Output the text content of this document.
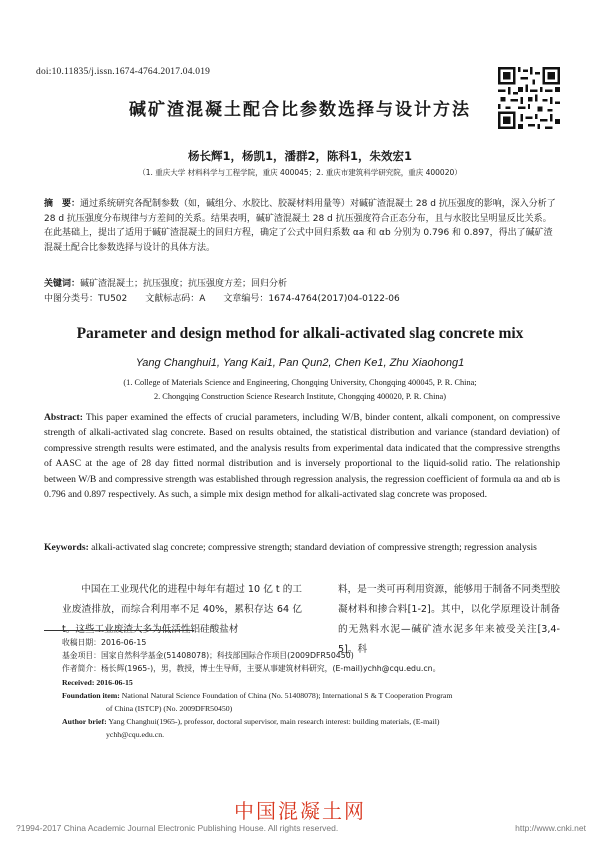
doi:10.11835/j.issn.1674-4764.2017.04.019
碱矿渣混凝土配合比参数选择与设计方法
杨长辉1，杨凯1，潘群2，陈科1，朱效宏1
（1. 重庆大学 材料科学与工程学院，重庆 400045；2. 重庆市建筑科学研究院，重庆 400020）
摘　要：通过系统研究各配制参数（如，碱组分、水胶比、胶凝材料用量等）对碱矿渣混凝土 28 d 抗压强度的影响，深入分析了 28 d 抗压强度分布规律与方差间的关系。结果表明，碱矿渣混凝土 28 d 抗压强度符合正态分布，且与水胶比呈明显反比关系。在此基础上，提出了适用于碱矿渣混凝土的回归方程，确定了公式中回归系数 αa 和 αb 分别为 0.796 和 0.897，得出了碱矿渣混凝土配合比参数选择与设计的具体方法。
关键词：碱矿渣混凝土；抗压强度；抗压强度方差；回归分析
中图分类号：TU502　　文献标志码：A　　文章编号：1674-4764(2017)04-0122-06
Parameter and design method for alkali-activated slag concrete mix
Yang Changhui1, Yang Kai1, Pan Qun2, Chen Ke1, Zhu Xiaohong1
(1. College of Materials Science and Engineering, Chongqing University, Chongqing 400045, P. R. China;
2. Chongqing Construction Science Research Institute, Chongqing 400020, P. R. China)
Abstract: This paper examined the effects of crucial parameters, including W/B, binder content, alkali component, on compressive strength of alkali-activated slag concrete. Based on results obtained, the statistical distribution and variance (standard deviation) of compressive strength results were estimated, and the analysis results from experimental data indicated that the compressive strengths of AASC at the age of 28 day fitted normal distribution and is inversely proportional to the liquid-solid ratio. The relationship between W/B and compressive strength was established through regression analysis, the regression coefficient of formula αa and αb is 0.796 and 0.897 respectively. As such, a simple mix design method for alkali-activated slag concrete was proposed.
Keywords: alkali-activated slag concrete; compressive strength; standard deviation of compressive strength; regression analysis
中国在工业现代化的进程中每年有超过 10 亿 t 的工业废渣排放，而综合利用率不足 40%，累积存达 64 亿 t。这些工业废渣大多为低活性铝硅酸盐材
料，是一类可再利用资源，能够用于制备不同类型胶凝材料和掺合料[1-2]。其中，以化学原理设计制备的无熟料水泥—碱矿渣水泥多年来被受关注[3,4-5]。科
收稿日期：2016-06-15
基金项目：国家自然科学基金(51408078)；科技部国际合作项目(2009DFR50450)
作者简介：杨长辉(1965-)，男，教授，博士生导师，主要从事建筑材料研究，(E-mail)ychh@cqu.edu.cn。
Received: 2016-06-15
Foundation item: National Natural Science Foundation of China (No. 51408078); International S & T Cooperation Program
of China (ISTCP) (No. 2009DFR50450)
Author brief: Yang Changhui(1965-), professor, doctoral supervisor, main research interest: building materials, (E-mail)
ychh@cqu.edu.cn.
中国混凝土网
?1994-2017 China Academic Journal Electronic Publishing House. All rights reserved.	http://www.cnki.net
